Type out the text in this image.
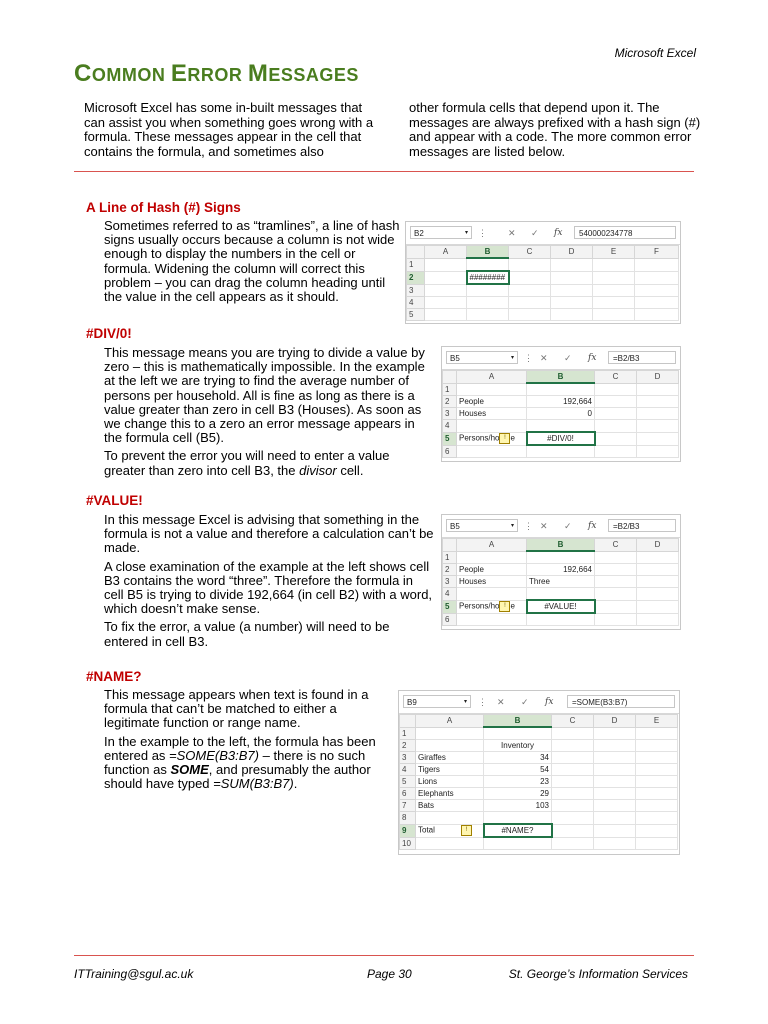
Microsoft Excel
COMMON ERROR MESSAGES
Microsoft Excel has some in-built messages that can assist you when something goes wrong with a formula. These messages appear in the cell that contains the formula, and sometimes also
other formula cells that depend upon it. The messages are always prefixed with a hash sign (#) and appear with a code. The more common error messages are listed below.
A Line of Hash (#) Signs

Sometimes referred to as “tramlines”, a line of hash signs usually occurs because a column is not wide enough to display the numbers in the cell or formula. Widening the column will correct this problem – you can drag the column heading until the value in the cell appears as it should.

B2	▾ ⋮ ✕ ✓ fx	540000234778
	A	B	C	D	E	F
1						
2		########				
3						
4						
5						
#DIV/0!

This message means you are trying to divide a value by zero – this is mathematically impossible. In the example at the left we are trying to find the average number of persons per household. All is fine as long as there is a value greater than zero in cell B3 (Houses). As soon as we change this to a zero an error message appears in the formula cell (B5).

To prevent the error you will need to enter a value greater than zero into cell B3, the divisor cell.

B5	▾ ⋮ ✕ ✓ fx	=B2/B3
	A	B	C	D
1				
2	People	192,664		
3	Houses	0		
4				
5	Persons/ho ! e	#DIV/0!		
6				
#VALUE!

In this message Excel is advising that something in the formula is not a value and therefore a calculation can’t be made.

A close examination of the example at the left shows cell B3 contains the word “three”. Therefore the formula in cell B5 is trying to divide 192,664 (in cell B2) with a word, which doesn’t make sense.

To fix the error, a value (a number) will need to be entered in cell B3.

B5	▾ ⋮ ✕ ✓ fx	=B2/B3
	A	B	C	D
1				
2	People	192,664		
3	Houses	Three		
4				
5	Persons/ho ! e	#VALUE!		
6				
#NAME?

This message appears when text is found in a formula that can’t be matched to either a legitimate function or range name.

In the example to the left, the formula has been entered as =SOME(B3:B7) – there is no such function as SOME, and presumably the author should have typed =SUM(B3:B7).

B9	▾ ⋮ ✕ ✓ fx	=SOME(B3:B7)
	A	B	C	D	E
1					
2		Inventory			
3	Giraffes	34			
4	Tigers	54			
5	Lions	23			
6	Elephants	29			
7	Bats	103			
8					
9	Total !	#NAME?			
10					
ITTraining@sgul.ac.uk	Page 30	St. George’s Information Services
